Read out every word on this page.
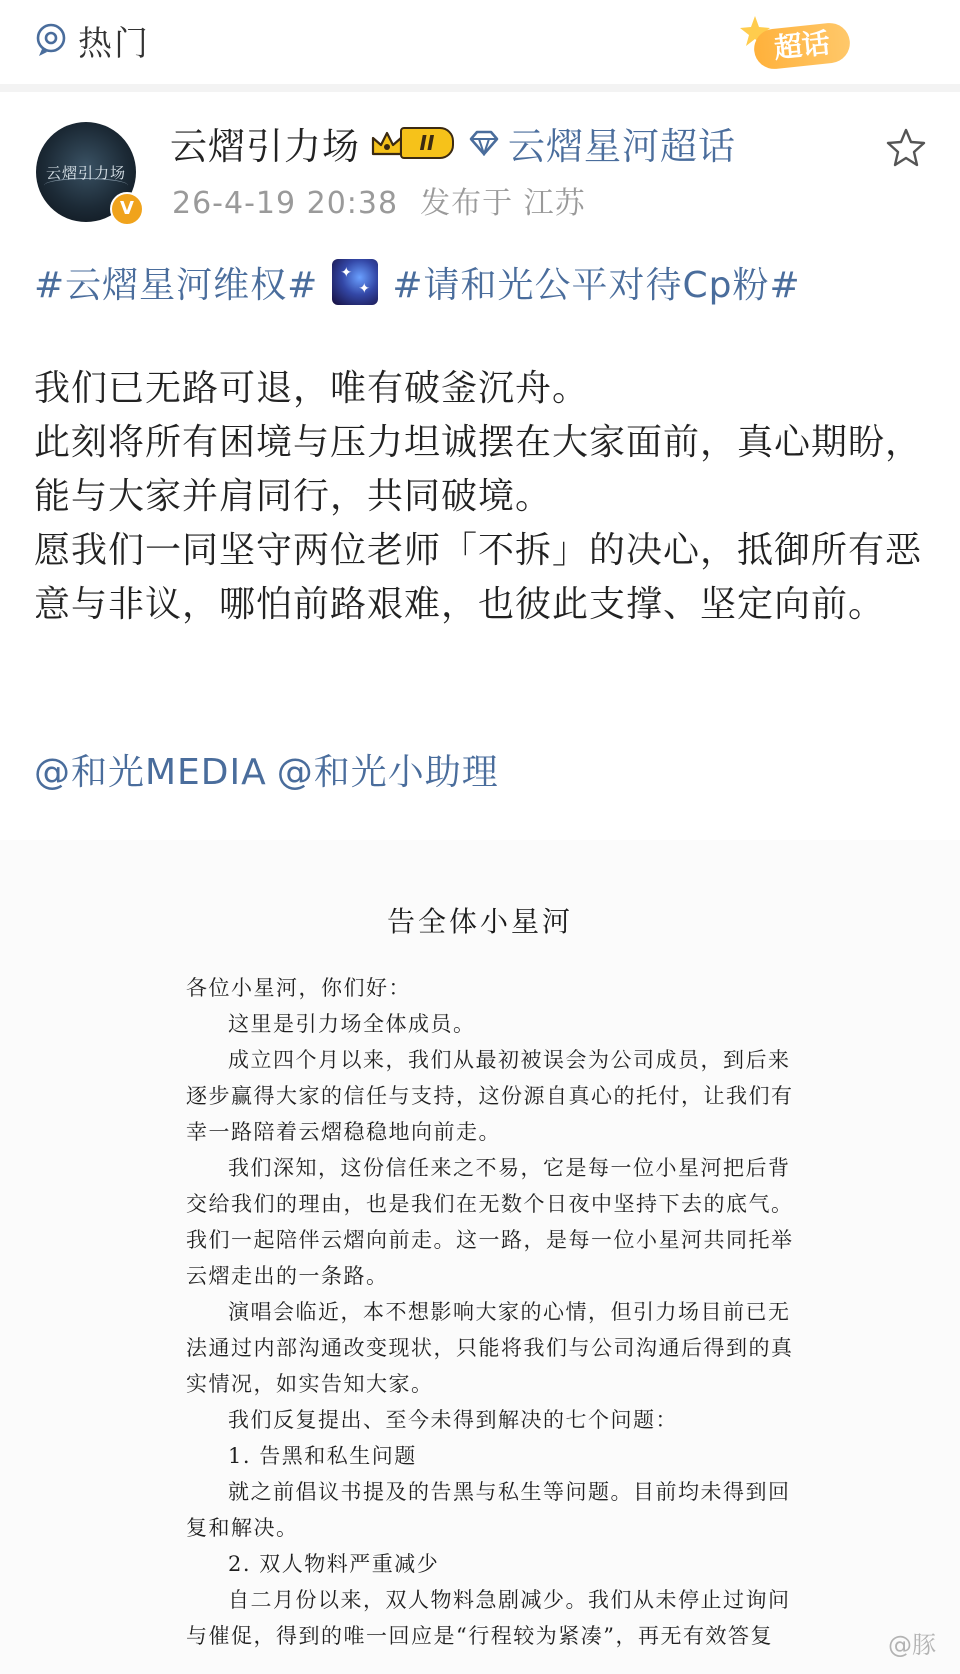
热门	超话
云熠引力场
V
云熠引力场	II	云熠星河超话
26-4-19 20:38 发布于 江苏
#云熠星河维权# ✦
✦ #请和光公平对待Cp粉#

我们已无路可退，唯有破釜沉舟。

此刻将所有困境与压力坦诚摆在大家面前，真心期盼，能与大家并肩同行，共同破境。

愿我们一同坚守两位老师「不拆」的决心，抵御所有恶意与非议，哪怕前路艰难，也彼此支撑、坚定向前。

@和光MEDIA @和光小助理
告全体小星河

各位小星河，你们好：

这里是引力场全体成员。

成立四个月以来，我们从最初被误会为公司成员，到后来逐步赢得大家的信任与支持，这份源自真心的托付，让我们有幸一路陪着云熠稳稳地向前走。

我们深知，这份信任来之不易，它是每一位小星河把后背交给我们的理由，也是我们在无数个日夜中坚持下去的底气。我们一起陪伴云熠向前走。这一路，是每一位小星河共同托举云熠走出的一条路。

演唱会临近，本不想影响大家的心情，但引力场目前已无法通过内部沟通改变现状，只能将我们与公司沟通后得到的真实情况，如实告知大家。

我们反复提出、至今未得到解决的七个问题：

1. 告黑和私生问题

就之前倡议书提及的告黑与私生等问题。目前均未得到回复和解决。

2. 双人物料严重减少

自二月份以来，双人物料急剧减少。我们从未停止过询问与催促，得到的唯一回应是“行程较为紧凑”，再无有效答复	@豚
